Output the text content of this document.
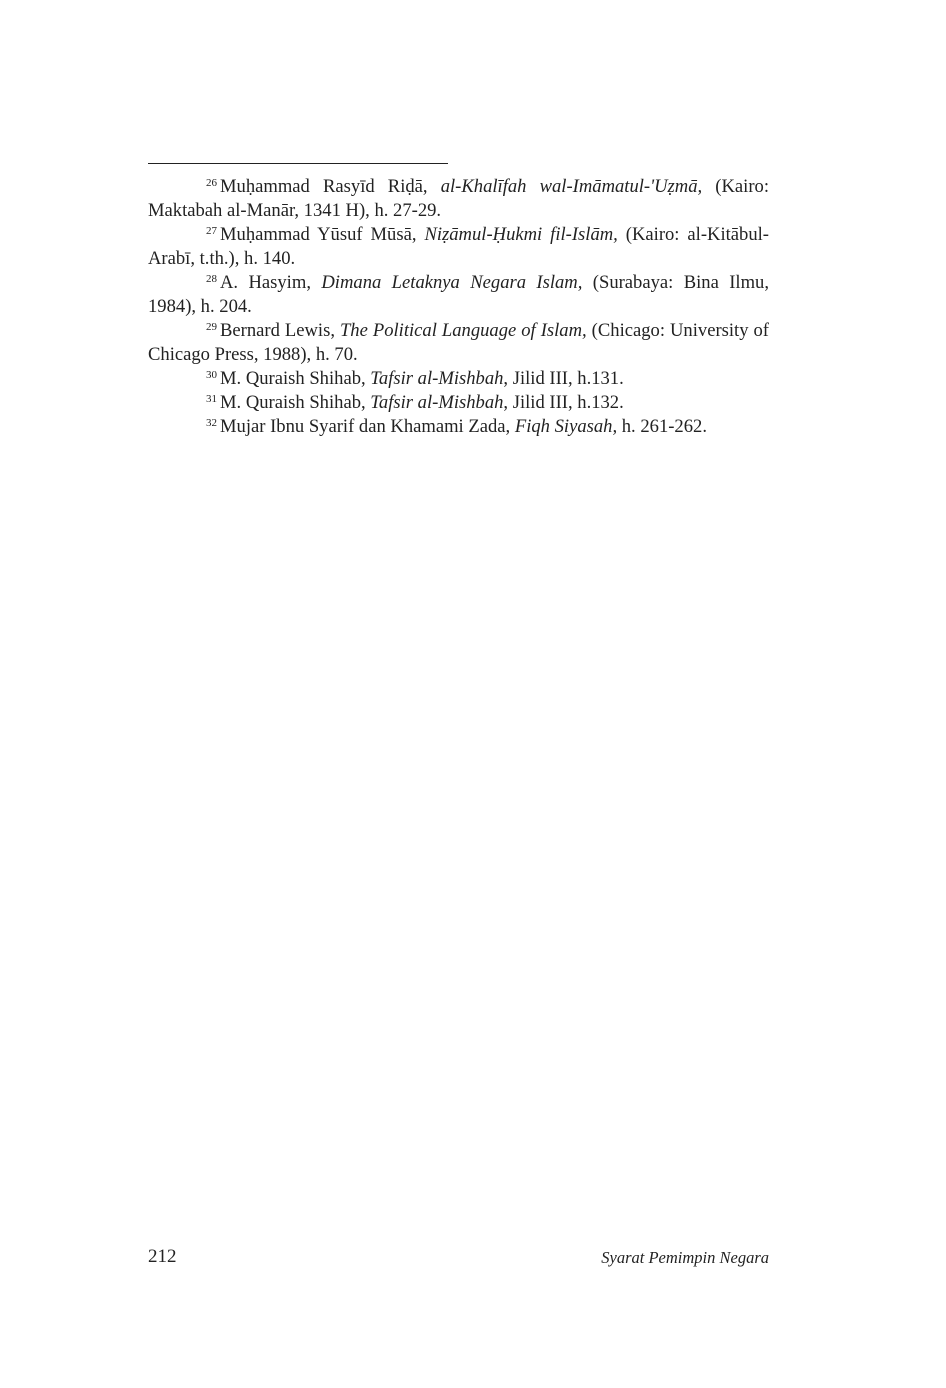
$^{26}$ Muḥammad Rasyīd Riḍā, al-Khalīfah wal-Imāmatul-'Uẓmā, (Kairo: Maktabah al-Manār, 1341 H), h. 27-29.

$^{27}$ Muḥammad Yūsuf Mūsā, Niẓāmul-Ḥukmi fil-Islām, (Kairo: al-Kitābul-Arabī, t.th.), h. 140.

$^{28}$ A. Hasyim, Dimana Letaknya Negara Islam, (Surabaya: Bina Ilmu, 1984), h. 204.

$^{29}$ Bernard Lewis, The Political Language of Islam, (Chicago: University of Chicago Press, 1988), h. 70.

$^{30}$ M. Quraish Shihab, Tafsir al-Mishbah, Jilid III, h.131.

$^{31}$ M. Quraish Shihab, Tafsir al-Mishbah, Jilid III, h.132.

$^{32}$ Mujar Ibnu Syarif dan Khamami Zada, Fiqh Siyasah, h. 261-262.

212	Syarat Pemimpin Negara
